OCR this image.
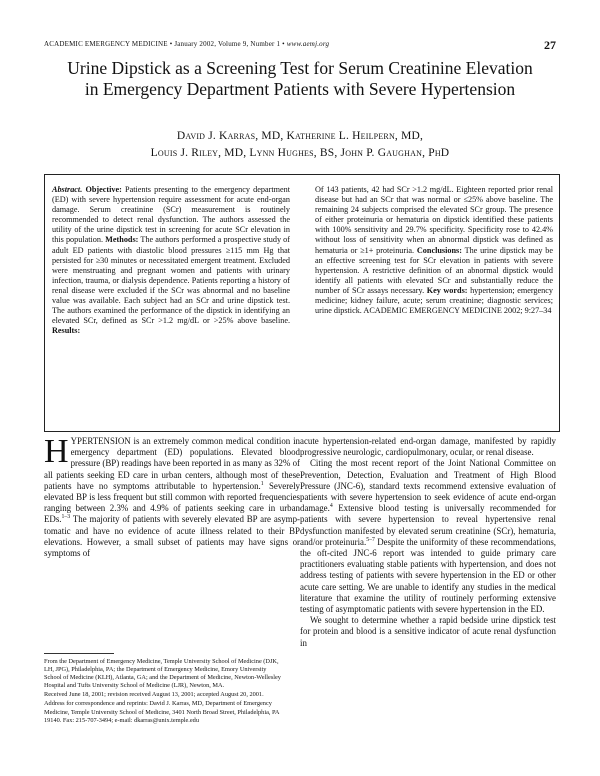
ACADEMIC EMERGENCY MEDICINE • January 2002, Volume 9, Number 1 • www.aemj.org	27
Urine Dipstick as a Screening Test for Serum Creatinine Elevation in Emergency Department Patients with Severe Hypertension
David J. Karras, MD, Katherine L. Heilpern, MD,
Louis J. Riley, MD, Lynn Hughes, BS, John P. Gaughan, PhD

Abstract. Objective: Patients presenting to the emergency department (ED) with severe hypertension require assessment for acute end-organ damage. Serum creatinine (SCr) measurement is routinely recommended to detect renal dysfunction. The authors assessed the utility of the urine dipstick test in screening for acute SCr elevation in this population. Methods: The authors performed a prospective study of adult ED patients with diastolic blood pressures ≥115 mm Hg that persisted for ≥30 minutes or necessitated emergent treatment. Excluded were menstruating and pregnant women and patients with urinary infection, trauma, or dialysis dependence. Patients reporting a history of renal disease were excluded if the SCr was abnormal and no baseline value was available. Each subject had an SCr and urine dipstick test. The authors examined the performance of the dipstick in identifying an elevated SCr, defined as SCr >1.2 mg/dL or >25% above baseline. Results:

Of 143 patients, 42 had SCr >1.2 mg/dL. Eighteen reported prior renal disease but had an SCr that was normal or ≤25% above baseline. The remaining 24 subjects comprised the elevated SCr group. The presence of either proteinuria or hematuria on dipstick identified these patients with 100% sensitivity and 29.7% specificity. Specificity rose to 42.4% without loss of sensitivity when an abnormal dipstick was defined as hematuria or ≥1+ proteinuria. Conclusions: The urine dipstick may be an effective screening test for SCr elevation in patients with severe hypertension. A restrictive definition of an abnormal dipstick would identify all patients with elevated SCr and substantially reduce the number of SCr assays necessary. Key words: hypertension; emergency medicine; kidney failure, acute; serum creatinine; diagnostic services; urine dipstick. ACADEMIC EMERGENCY MEDICINE 2002; 9:27–34

HYPERTENSION is an extremely common medical condition in emergency department (ED) populations. Elevated blood pressure (BP) readings have been reported in as many as 32% of all patients seeking ED care in urban centers, although most of these patients have no symptoms attributable to hypertension.$^1$ Severely elevated BP is less frequent but still common with reported frequencies ranging between 2.3% and 4.9% of patients seeking care in urban EDs.$^{1-3}$ The majority of patients with severely elevated BP are asymptomatic and have no evidence of acute illness related to their BP elevations. However, a small subset of patients may have signs or symptoms of

From the Department of Emergency Medicine, Temple University School of Medicine (DJK, LH, JPG), Philadelphia, PA; the Department of Emergency Medicine, Emory University School of Medicine (KLH), Atlanta, GA; and the Department of Medicine, Newton-Wellesley Hospital and Tufts University School of Medicine (LJR), Newton, MA.

Received June 18, 2001; revision received August 13, 2001; accepted August 20, 2001.

Address for correspondence and reprints: David J. Karras, MD, Department of Emergency Medicine, Temple University School of Medicine, 3401 North Broad Street, Philadelphia, PA 19140. Fax: 215-707-3494; e-mail: dkarras@unix.temple.edu

acute hypertension-related end-organ damage, manifested by rapidly progressive neurologic, cardiopulmonary, ocular, or renal disease.

Citing the most recent report of the Joint National Committee on Prevention, Detection, Evaluation and Treatment of High Blood Pressure (JNC-6), standard texts recommend extensive evaluation of patients with severe hypertension to seek evidence of acute end-organ damage.$^4$ Extensive blood testing is universally recommended for patients with severe hypertension to reveal hypertensive renal dysfunction manifested by elevated serum creatinine (SCr), hematuria, and/or proteinuria.$^{5-7}$ Despite the uniformity of these recommendations, the oft-cited JNC-6 report was intended to guide primary care practitioners evaluating stable patients with hypertension, and does not address testing of patients with severe hypertension in the ED or other acute care setting. We are unable to identify any studies in the medical literature that examine the utility of routinely performing extensive testing of asymptomatic patients with severe hypertension in the ED.

We sought to determine whether a rapid bedside urine dipstick test for protein and blood is a sensitive indicator of acute renal dysfunction in
